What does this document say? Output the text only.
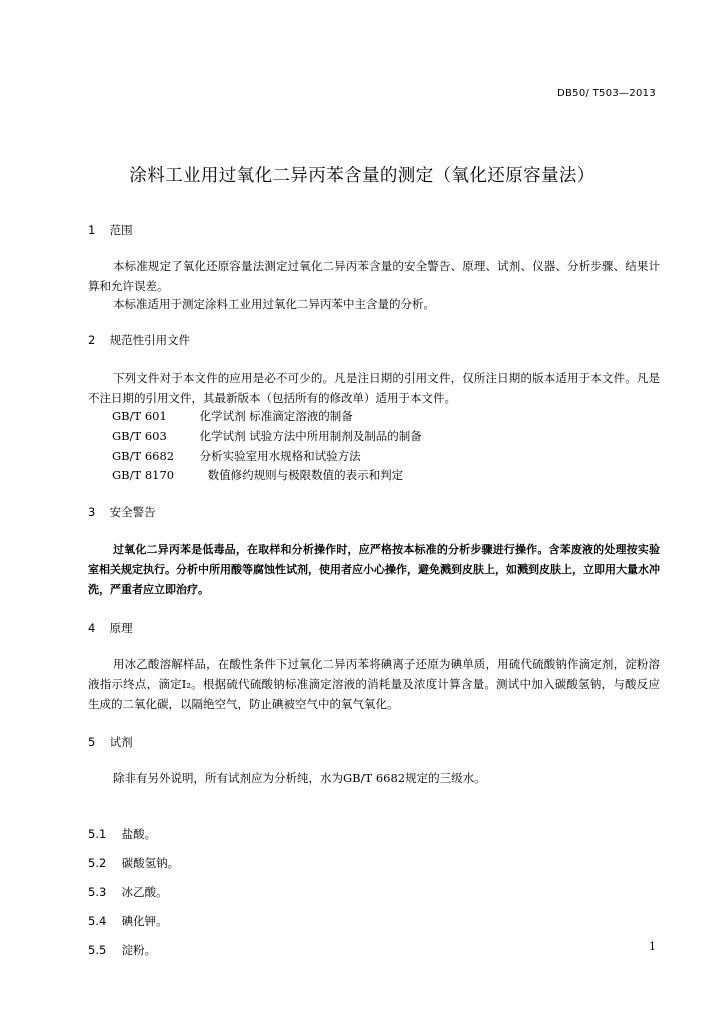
DB50/ T503—2013
涂料工业用过氧化二异丙苯含量的测定（氧化还原容量法）
1 范围
本标准规定了氧化还原容量法测定过氧化二异丙苯含量的安全警告、原理、试剂、仪器、分析步骤、结果计算和允许误差。
本标准适用于测定涂料工业用过氧化二异丙苯中主含量的分析。
2 规范性引用文件
下列文件对于本文件的应用是必不可少的。凡是注日期的引用文件，仅所注日期的版本适用于本文件。凡是不注日期的引用文件，其最新版本（包括所有的修改单）适用于本文件。
GB/T 601	化学试剂 标准滴定溶液的制备
GB/T 603	化学试剂 试验方法中所用制剂及制品的制备
GB/T 6682 分析实验室用水规格和试验方法
GB/T 8170	数值修约规则与极限数值的表示和判定
3 安全警告
过氧化二异丙苯是低毒品，在取样和分析操作时，应严格按本标准的分析步骤进行操作。含苯废液的处理按实验室相关规定执行。分析中所用酸等腐蚀性试剂，使用者应小心操作，避免溅到皮肤上，如溅到皮肤上，立即用大量水冲洗，严重者应立即治疗。
4 原理
用冰乙酸溶解样品，在酸性条件下过氧化二异丙苯将碘离子还原为碘单质，用硫代硫酸钠作滴定剂，淀粉溶液指示终点，滴定I₂。根据硫代硫酸钠标准滴定溶液的消耗量及浓度计算含量。测试中加入碳酸氢钠，与酸反应生成的二氧化碳，以隔绝空气，防止碘被空气中的氧气氧化。
5 试剂
除非有另外说明，所有试剂应为分析纯，水为GB/T 6682规定的三级水。
5.1 盐酸。
5.2 碳酸氢钠。
5.3 冰乙酸。
5.4 碘化钾。
5.5 淀粉。	1
